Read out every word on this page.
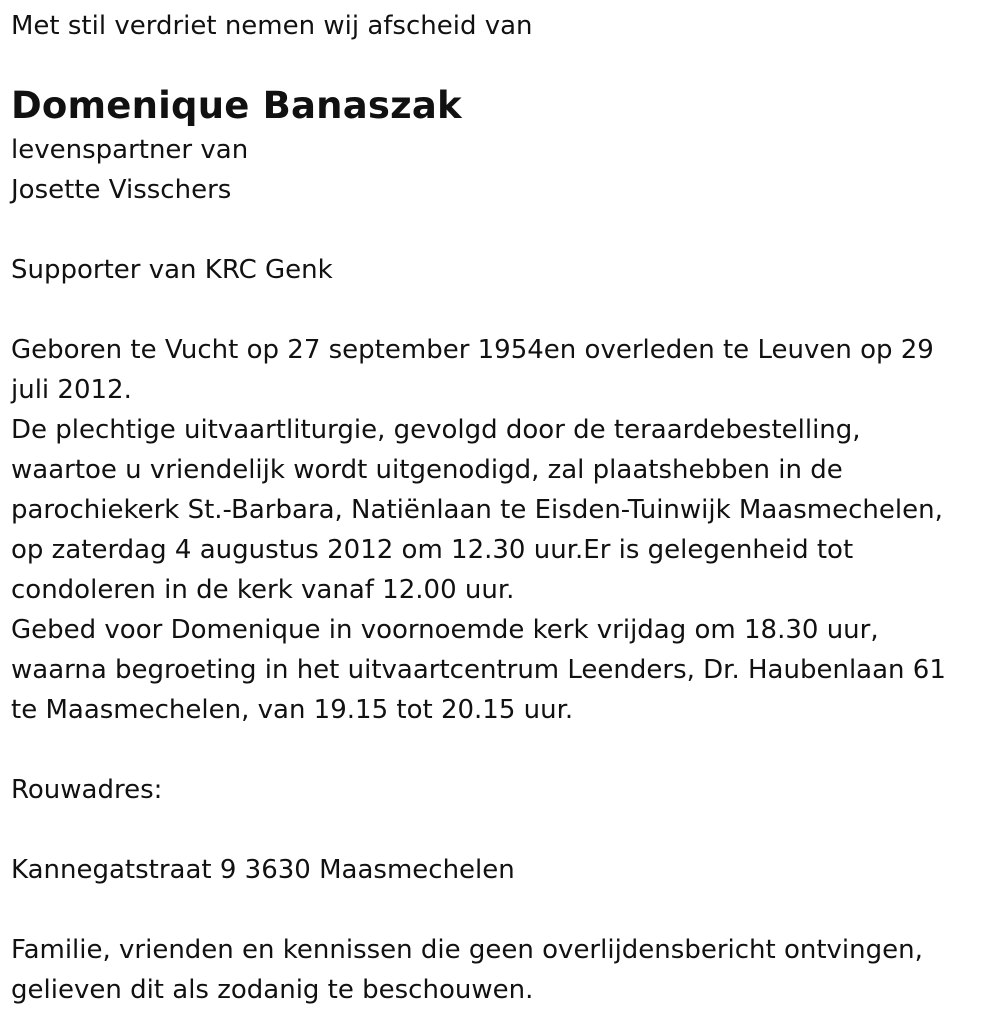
Met stil verdriet nemen wij afscheid van
Domenique Banaszak
levenspartner van
Josette Visschers
Supporter van KRC Genk
Geboren te Vucht op 27 september 1954en overleden te Leuven op 29
juli 2012.
De plechtige uitvaartliturgie, gevolgd door de teraardebestelling,
waartoe u vriendelijk wordt uitgenodigd, zal plaatshebben in de
parochiekerk St.-Barbara, Natiënlaan te Eisden-Tuinwijk Maasmechelen,
op zaterdag 4 augustus 2012 om 12.30 uur.Er is gelegenheid tot
condoleren in de kerk vanaf 12.00 uur.
Gebed voor Domenique in voornoemde kerk vrijdag om 18.30 uur,
waarna begroeting in het uitvaartcentrum Leenders, Dr. Haubenlaan 61
te Maasmechelen, van 19.15 tot 20.15 uur.
Rouwadres:
Kannegatstraat 9 3630 Maasmechelen
Familie, vrienden en kennissen die geen overlijdensbericht ontvingen,
gelieven dit als zodanig te beschouwen.
